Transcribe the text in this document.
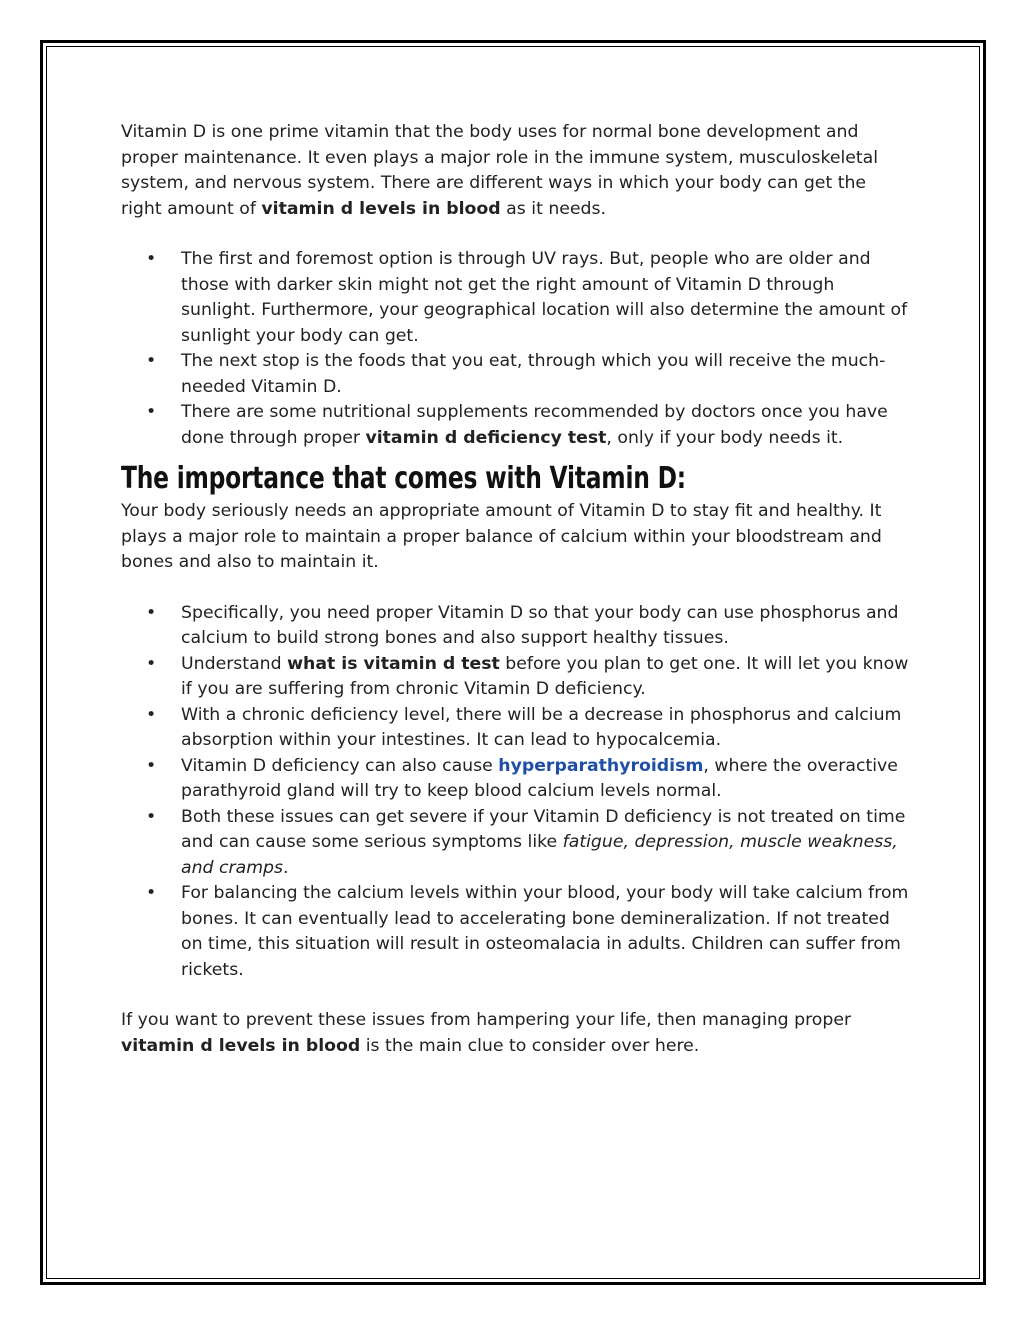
Vitamin D is one prime vitamin that the body uses for normal bone development and proper maintenance. It even plays a major role in the immune system, musculoskeletal system, and nervous system. There are different ways in which your body can get the right amount of vitamin d levels in blood as it needs.

• The first and foremost option is through UV rays. But, people who are older and those with darker skin might not get the right amount of Vitamin D through sunlight. Furthermore, your geographical location will also determine the amount of sunlight your body can get.
• The next stop is the foods that you eat, through which you will receive the much-needed Vitamin D.
• There are some nutritional supplements recommended by doctors once you have done through proper vitamin d deficiency test, only if your body needs it.
The importance that comes with Vitamin D:

Your body seriously needs an appropriate amount of Vitamin D to stay fit and healthy. It plays a major role to maintain a proper balance of calcium within your bloodstream and bones and also to maintain it.

• Specifically, you need proper Vitamin D so that your body can use phosphorus and calcium to build strong bones and also support healthy tissues.
• Understand what is vitamin d test before you plan to get one. It will let you know if you are suffering from chronic Vitamin D deficiency.
• With a chronic deficiency level, there will be a decrease in phosphorus and calcium absorption within your intestines. It can lead to hypocalcemia.
• Vitamin D deficiency can also cause hyperparathyroidism, where the overactive parathyroid gland will try to keep blood calcium levels normal.
• Both these issues can get severe if your Vitamin D deficiency is not treated on time and can cause some serious symptoms like fatigue, depression, muscle weakness, and cramps.
• For balancing the calcium levels within your blood, your body will take calcium from bones. It can eventually lead to accelerating bone demineralization. If not treated on time, this situation will result in osteomalacia in adults. Children can suffer from rickets.

If you want to prevent these issues from hampering your life, then managing proper vitamin d levels in blood is the main clue to consider over here.
